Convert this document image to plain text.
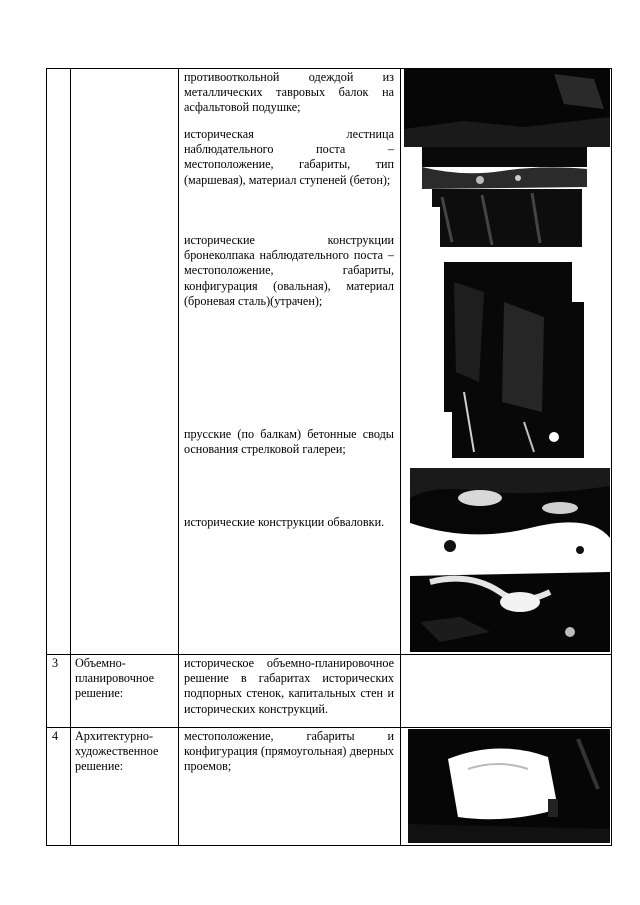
противооткольной одеждой из металлических тавровых балок на асфальтовой подушке;
историческая лестница наблюдательного поста – местоположение, габариты, тип (маршевая), материал ступеней (бетон);
исторические конструкции бронеколпака наблюдательного поста – местоположение, габариты, конфигурация (овальная), материал (броневая сталь)(утрачен);
прусские (по балкам) бетонные своды основания стрелковой галереи;
исторические конструкции обваловки.
3 Объемно-планировочное решение:
историческое объемно-планировочное решение в габаритах исторических подпорных стенок, капитальных стен и исторических конструкций.
4 Архитектурно-художественное решение:
местоположение, габариты и конфигурация (прямоугольная) дверных проемов;
